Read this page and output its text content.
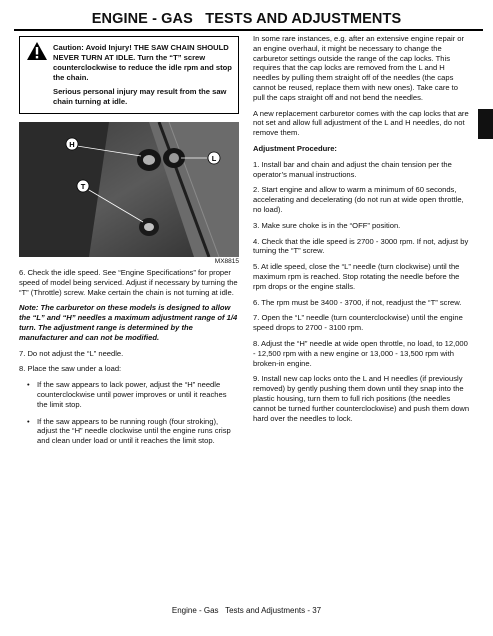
ENGINE - GAS   TESTS AND ADJUSTMENTS

Caution: Avoid Injury! THE SAW CHAIN SHOULD NEVER TURN AT IDLE. Turn the “T” screw counterclockwise to reduce the idle rpm and stop the chain.

Serious personal injury may result from the saw chain turning at idle.

H
L
T
MX8815

6. Check the idle speed. See “Engine Specifications” for proper speed of model being serviced. Adjust if necessary by turning the “T” (Throttle) screw. Make certain the chain is not turning at idle.

Note: The carburetor on these models is designed to allow the “L” and “H” needles a maximum adjustment range of 1/4 turn. The adjustment range is determined by the manufacturer and can not be modified.

7. Do not adjust the “L” needle.

8. Place the saw under a load:

• If the saw appears to lack power, adjust the “H” needle counterclockwise until power improves or until it reaches the limit stop.
• If the saw appears to be running rough (four stroking), adjust the “H” needle clockwise until the engine runs crisp and clean under load or until it reaches the limit stop.

In some rare instances, e.g. after an extensive engine repair or an engine overhaul, it might be necessary to change the carburetor settings outside the range of the cap locks. This requires that the cap locks are removed from the L and H needles by pulling them straight off of the needles (the caps cannot be reused, replace them with new ones). Take care to pull the caps straight off and not bend the needles.

A new replacement carburetor comes with the cap locks that are not set and allow full adjustment of the L and H needles, do not remove them.

Adjustment Procedure:

1. Install bar and chain and adjust the chain tension per the operator’s manual instructions.

2. Start engine and allow to warm a minimum of 60 seconds, accelerating and decelerating (do not run at wide open throttle, no load).

3. Make sure choke is in the “OFF” position.

4. Check that the idle speed is 2700 - 3000 rpm. If not, adjust by turning the “T” screw.

5. At idle speed, close the “L” needle (turn clockwise) until the maximum rpm is reached. Stop rotating the needle before the rpm drops or the engine stalls.

6. The rpm must be 3400 - 3700, if not, readjust the “T” screw.

7. Open the “L” needle (turn counterclockwise) until the engine speed drops to 2700 - 3100 rpm.

8. Adjust the “H” needle at wide open throttle, no load, to 12,000 - 12,500 rpm with a new engine or 13,000 - 13,500 rpm with broken-in engine.

9. Install new cap locks onto the L and H needles (if previously removed) by gently pushing them down until they snap into the plastic housing, turn them to full rich positions (the needles cannot be turned further counterclockwise) and push them down hard over the needles to lock.

Engine - Gas   Tests and Adjustments - 37
